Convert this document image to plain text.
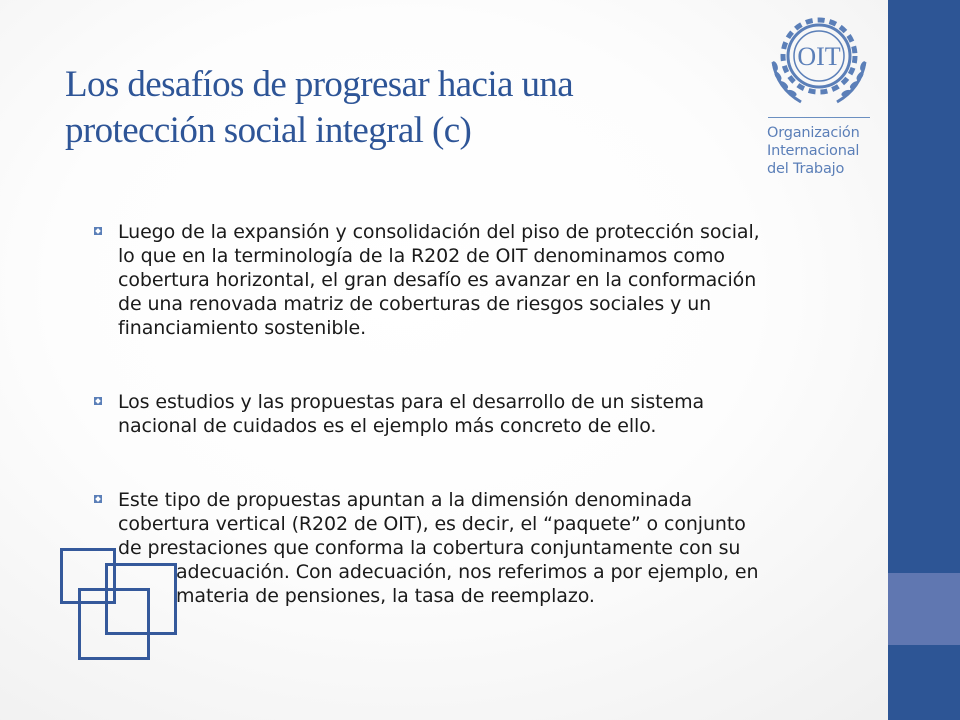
Los desafíos de progresar hacia una
protección social integral (c)
OIT
Organización
Internacional
del Trabajo
Luego de la expansión y consolidación del piso de protección social,
lo que en la terminología de la R202 de OIT denominamos como
cobertura horizontal, el gran desafío es avanzar en la conformación
de una renovada matriz de coberturas de riesgos sociales y un
financiamiento sostenible.
Los estudios y las propuestas para el desarrollo de un sistema
nacional de cuidados es el ejemplo más concreto de ello.
Este tipo de propuestas apuntan a la dimensión denominada
cobertura vertical (R202 de OIT), es decir, el “paquete” o conjunto
de prestaciones que conforma la cobertura conjuntamente con su
adecuación. Con adecuación, nos referimos a por ejemplo, en
materia de pensiones, la tasa de reemplazo.
